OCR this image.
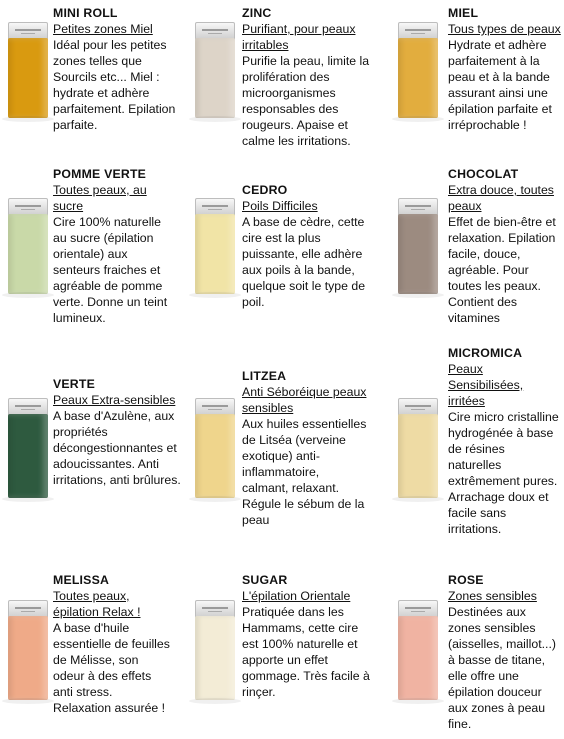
MINI ROLL
Petites zones Miel
Idéal pour les petites zones telles que Sourcils etc... Miel : hydrate et adhère parfaitement. Epilation parfaite.
ZINC
Purifiant, pour peaux irritables
Purifie la peau, limite la prolifération des microorganismes responsables des rougeurs. Apaise et calme les irritations.
MIEL
Tous types de peaux
Hydrate et adhère parfaitement à la peau et à la bande assurant ainsi une épilation parfaite et irréprochable !
POMME VERTE
Toutes peaux, au sucre
Cire 100% naturelle au sucre (épilation orientale) aux senteurs fraiches et agréable de pomme verte. Donne un teint lumineux.
CEDRO
Poils Difficiles
A base de cèdre, cette cire est la plus puissante, elle adhère aux poils à la bande, quelque soit le type de poil.
CHOCOLAT
Extra douce, toutes peaux
Effet de bien-être et relaxation. Epilation facile, douce, agréable. Pour toutes les peaux. Contient des vitamines
VERTE
Peaux Extra-sensibles
A base d'Azulène, aux propriétés décongestionnantes et adoucissantes. Anti irritations, anti brûlures.
LITZEA
Anti Séboréique peaux sensibles
Aux huiles essentielles de Litséa (verveine exotique) anti-inflammatoire, calmant, relaxant. Régule le sébum de la peau
MICROMICA
Peaux Sensibilisées, irritées
Cire micro cristalline hydrogénée à base de résines naturelles extrêmement pures. Arrachage doux et facile sans irritations.
MELISSA
Toutes peaux, épilation Relax !
A base d'huile essentielle de feuilles de Mélisse, son odeur à des effets anti stress. Relaxation assurée !
SUGAR
L'épilation Orientale
Pratiquée dans les Hammams, cette cire est 100% naturelle et apporte un effet gommage. Très facile à rinçer.
ROSE
Zones sensibles
Destinées aux zones sensibles (aisselles, maillot...) à basse de titane, elle offre une épilation douceur aux zones à peau fine.
